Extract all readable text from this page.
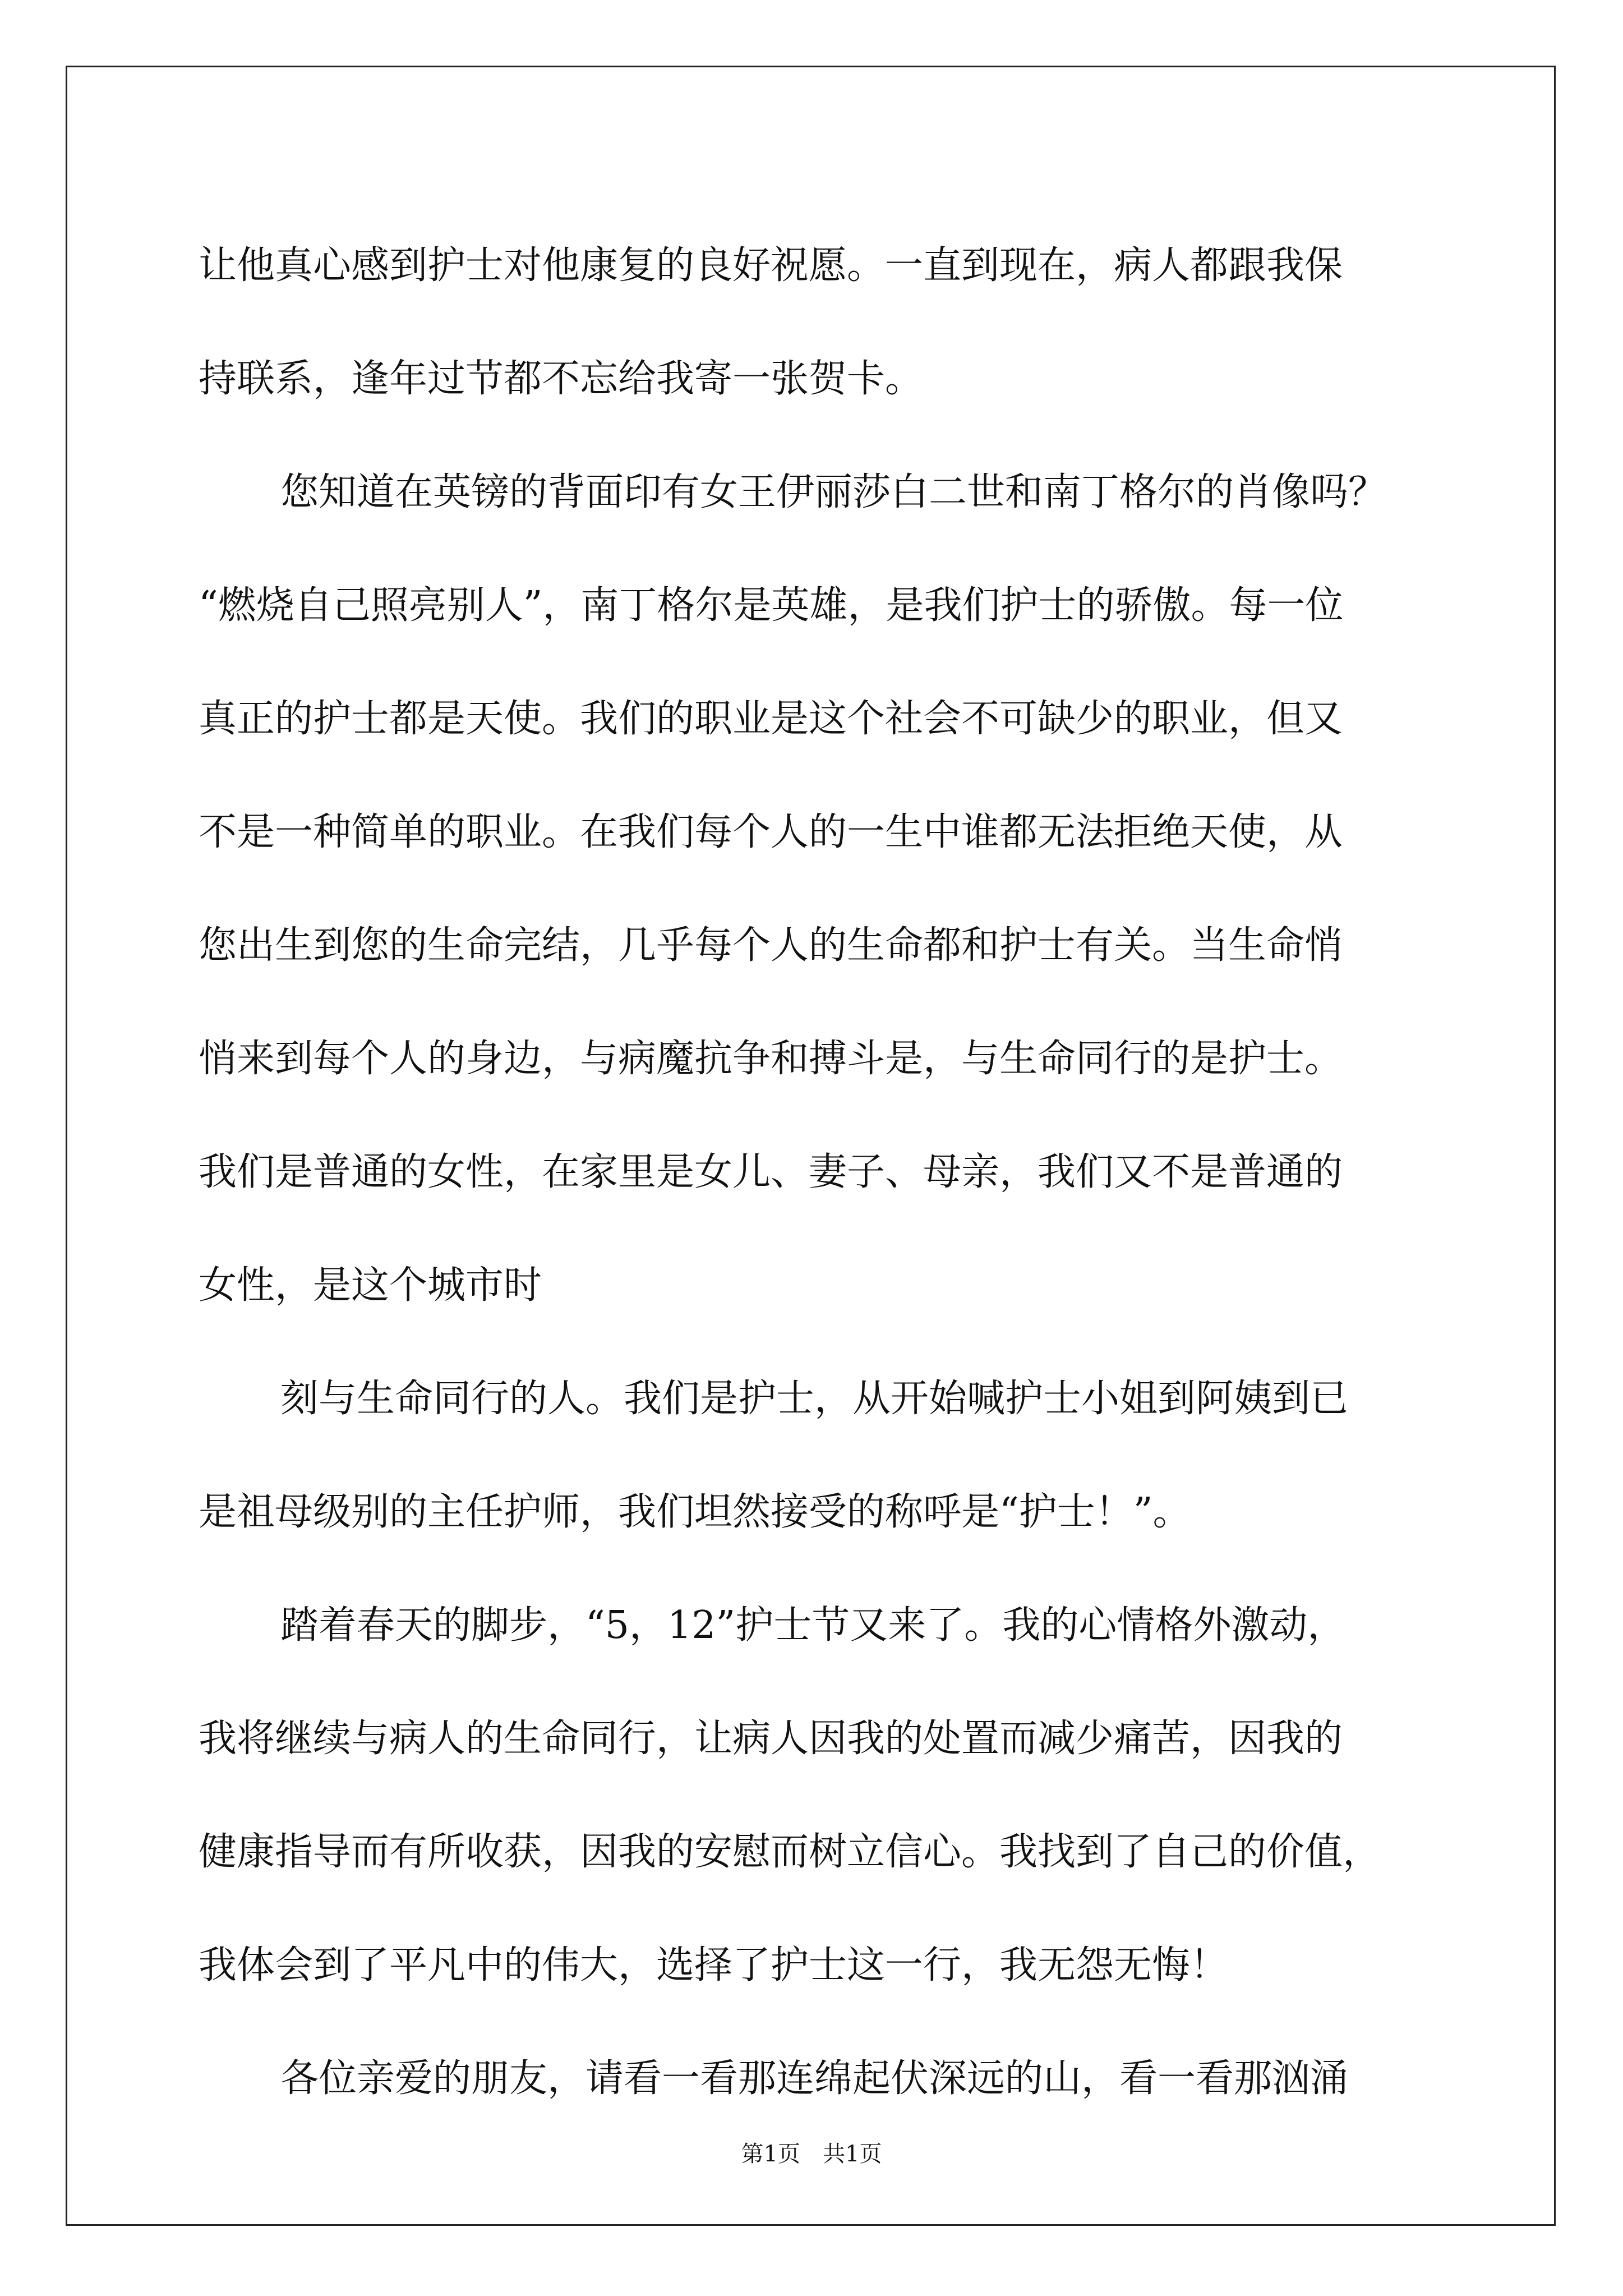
让他真心感到护士对他康复的良好祝愿。一直到现在，病人都跟我保
持联系，逢年过节都不忘给我寄一张贺卡。
您知道在英镑的背面印有女王伊丽莎白二世和南丁格尔的肖像吗？
“燃烧自己照亮别人”，南丁格尔是英雄，是我们护士的骄傲。每一位
真正的护士都是天使。我们的职业是这个社会不可缺少的职业，但又
不是一种简单的职业。在我们每个人的一生中谁都无法拒绝天使，从
您出生到您的生命完结，几乎每个人的生命都和护士有关。当生命悄
悄来到每个人的身边，与病魔抗争和搏斗是，与生命同行的是护士。
我们是普通的女性，在家里是女儿、妻子、母亲，我们又不是普通的
女性，是这个城市时
刻与生命同行的人。我们是护士，从开始喊护士小姐到阿姨到已
是祖母级别的主任护师，我们坦然接受的称呼是“护士！”。
踏着春天的脚步，“5，12”护士节又来了。我的心情格外激动，
我将继续与病人的生命同行，让病人因我的处置而减少痛苦，因我的
健康指导而有所收获，因我的安慰而树立信心。我找到了自己的价值，
我体会到了平凡中的伟大，选择了护士这一行，我无怨无悔！
各位亲爱的朋友，请看一看那连绵起伏深远的山，看一看那汹涌
第1页 共1页
